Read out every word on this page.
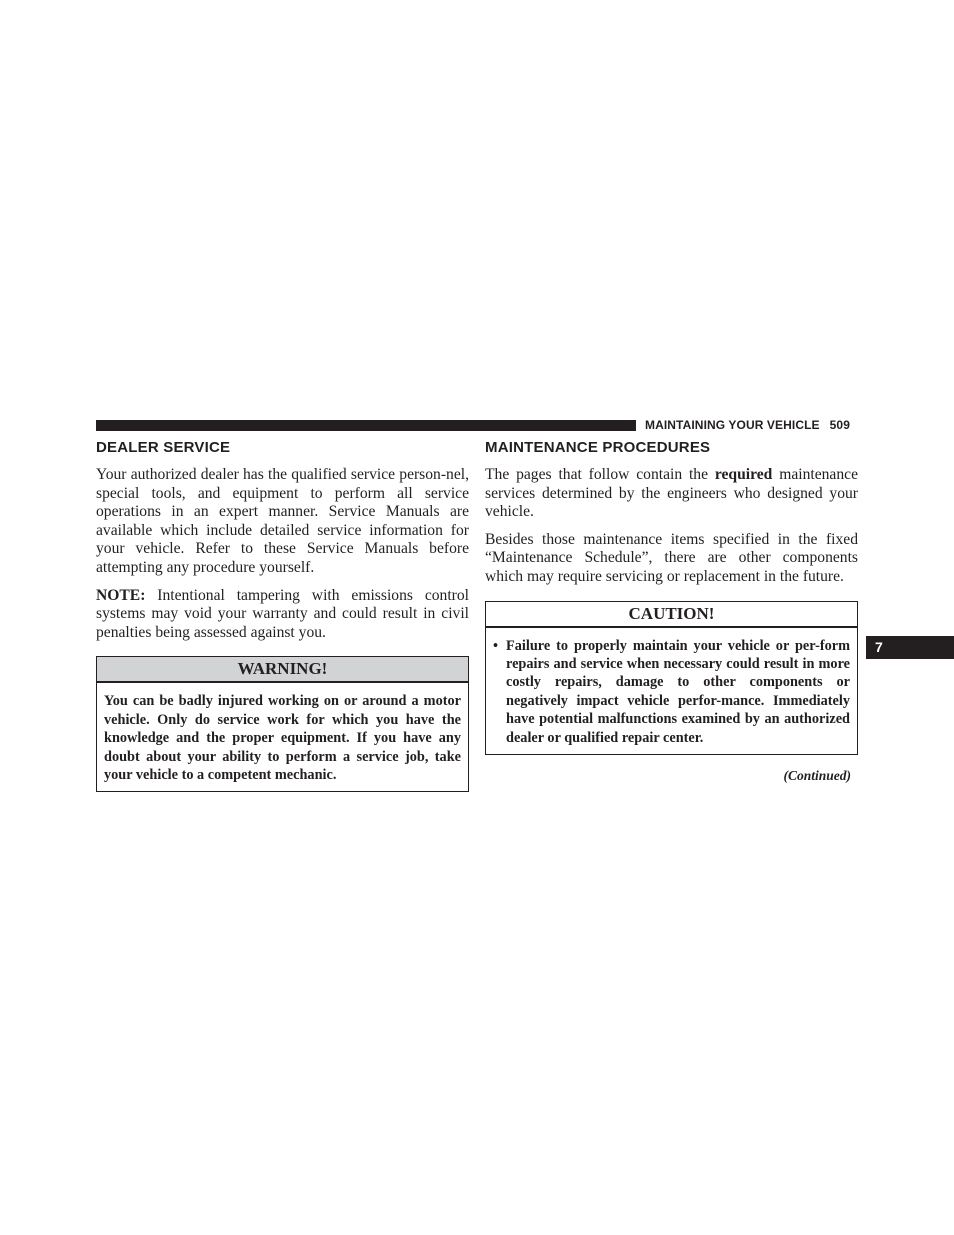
MAINTAINING YOUR VEHICLE 509
7
DEALER SERVICE

Your authorized dealer has the qualified service person-nel, special tools, and equipment to perform all service operations in an expert manner. Service Manuals are available which include detailed service information for your vehicle. Refer to these Service Manuals before attempting any procedure yourself.

NOTE: Intentional tampering with emissions control systems may void your warranty and could result in civil penalties being assessed against you.

WARNING!
You can be badly injured working on or around a motor vehicle. Only do service work for which you have the knowledge and the proper equipment. If you have any doubt about your ability to perform a service job, take your vehicle to a competent mechanic.
MAINTENANCE PROCEDURES

The pages that follow contain the required maintenance services determined by the engineers who designed your vehicle.

Besides those maintenance items specified in the fixed “Maintenance Schedule”, there are other components which may require servicing or replacement in the future.

CAUTION!
• Failure to properly maintain your vehicle or per-form repairs and service when necessary could result in more costly repairs, damage to other components or negatively impact vehicle perfor-mance. Immediately have potential malfunctions examined by an authorized dealer or qualified repair center.
(Continued)
